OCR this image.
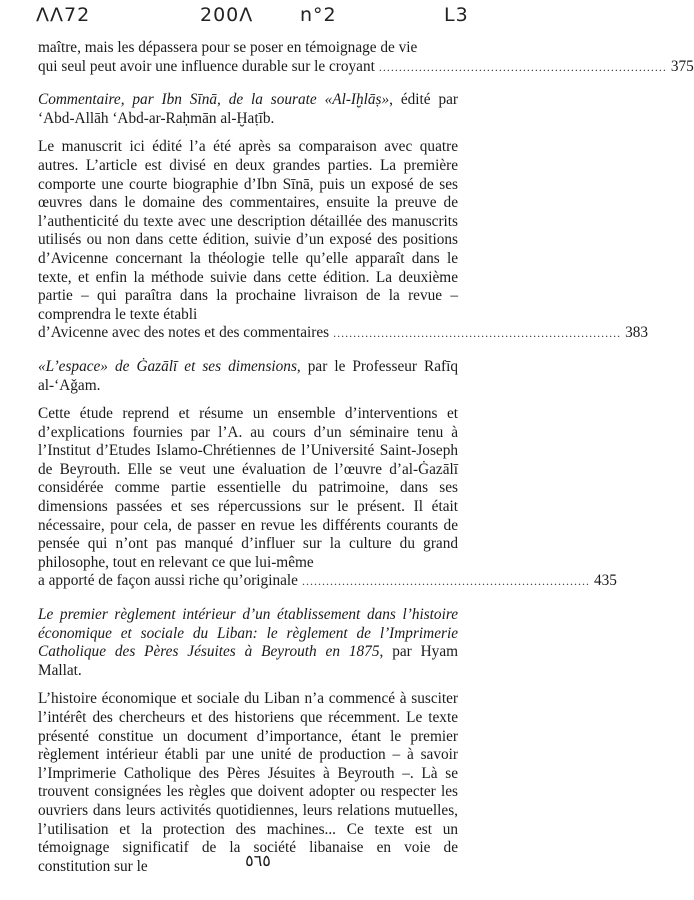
ΛΛ72	200Λ n°2	L3

maître, mais les dépassera pour se poser en témoignage de vie

qui seul peut avoir une influence durable sur le croyant ........................................................................ 375

Commentaire, par Ibn Sīnā, de la sourate «Al-Iḫlāṣ», édité par ‘Abd-Allāh ‘Abd-ar-Raḥmān al-Ḫaṭīb.

Le manuscrit ici édité l’a été après sa comparaison avec quatre autres. L’article est divisé en deux grandes parties. La première comporte une courte biographie d’Ibn Sīnā, puis un exposé de ses œuvres dans le domaine des commentaires, ensuite la preuve de l’authenticité du texte avec une description détaillée des manuscrits utilisés ou non dans cette édition, suivie d’un exposé des positions d’Avicenne concernant la théologie telle qu’elle apparaît dans le texte, et enfin la méthode suivie dans cette édition. La deuxième partie – qui paraîtra dans la prochaine livraison de la revue – comprendra le texte établi

d’Avicenne avec des notes et des commentaires ........................................................................ 383

«L’espace» de Ġazālī et ses dimensions, par le Professeur Rafīq al-‘Aǧam.

Cette étude reprend et résume un ensemble d’interventions et d’explications fournies par l’A. au cours d’un séminaire tenu à l’Institut d’Etudes Islamo-Chrétiennes de l’Université Saint-Joseph de Beyrouth. Elle se veut une évaluation de l’œuvre d’al-Ġazālī considérée comme partie essentielle du patrimoine, dans ses dimensions passées et ses répercussions sur le présent. Il était nécessaire, pour cela, de passer en revue les différents courants de pensée qui n’ont pas manqué d’influer sur la culture du grand philosophe, tout en relevant ce que lui-même

a apporté de façon aussi riche qu’originale ........................................................................ 435

Le premier règlement intérieur d’un établissement dans l’histoire économique et sociale du Liban: le règlement de l’Imprimerie Catholique des Pères Jésuites à Beyrouth en 1875, par Hyam Mallat.

L’histoire économique et sociale du Liban n’a commencé à susciter l’intérêt des chercheurs et des historiens que récemment. Le texte présenté constitue un document d’importance, étant le premier règlement intérieur établi par une unité de production – à savoir l’Imprimerie Catholique des Pères Jésuites à Beyrouth –. Là se trouvent consignées les règles que doivent adopter ou respecter les ouvriers dans leurs activités quotidiennes, leurs relations mutuelles, l’utilisation et la protection des machines... Ce texte est un témoignage significatif de la société libanaise en voie de constitution sur le	٥٦٥
